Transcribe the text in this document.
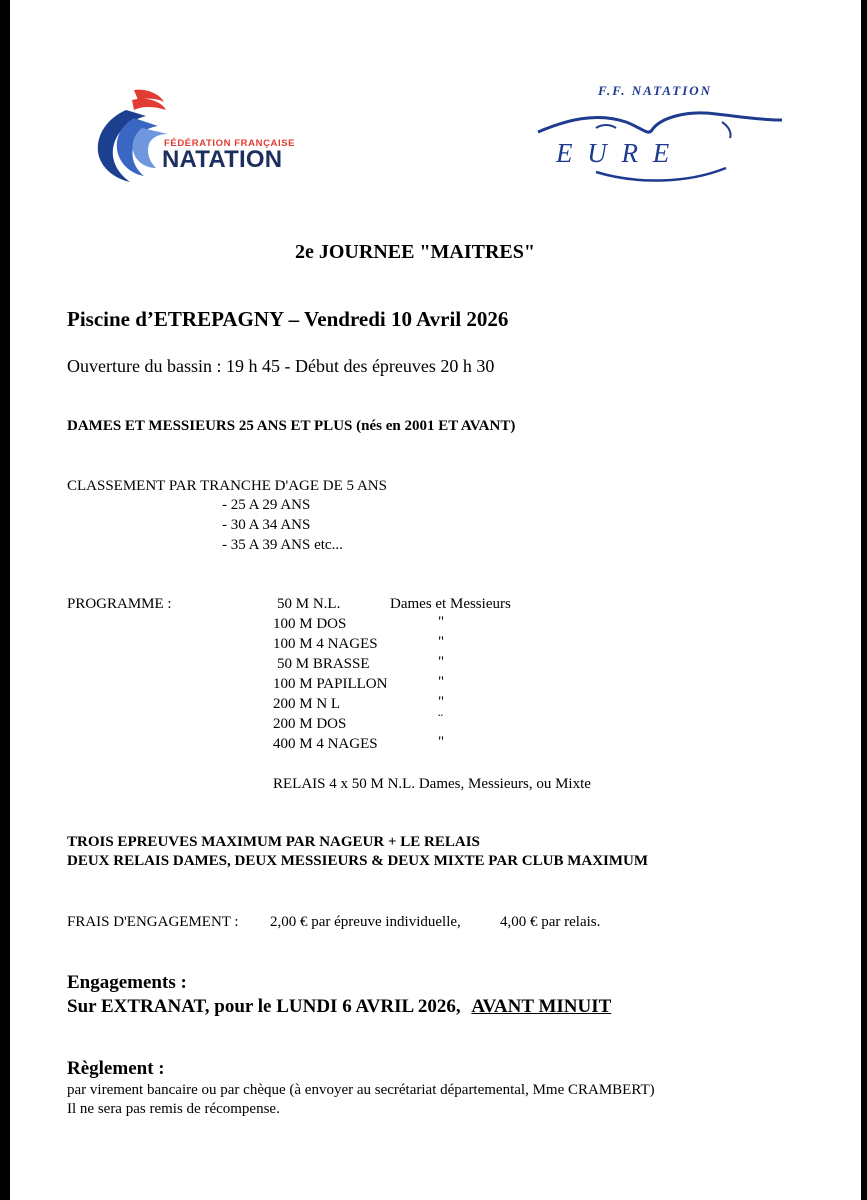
FÉDÉRATION FRANÇAISE
NATATION
F.F. NATATION
E U R E
2e JOURNEE "MAITRES"
Piscine d’ETREPAGNY – Vendredi 10 Avril 2026
Ouverture du bassin : 19 h 45 - Début des épreuves 20 h 30
DAMES ET MESSIEURS 25 ANS ET PLUS (nés en 2001 ET AVANT)
CLASSEMENT PAR TRANCHE D'AGE DE 5 ANS
- 25 A 29 ANS
- 30 A 34 ANS
- 35 A 39 ANS etc...
PROGRAMME :	50 M N.L.	Dames et Messieurs
100 M DOS	"
100 M 4 NAGES	"
50 M BRASSE	"
100 M PAPILLON	"
200 M N L	"
200 M DOS	¨
400 M 4 NAGES	"
RELAIS 4 x 50 M N.L. Dames, Messieurs, ou Mixte
TROIS EPREUVES MAXIMUM PAR NAGEUR + LE RELAIS
DEUX RELAIS DAMES, DEUX MESSIEURS & DEUX MIXTE PAR CLUB MAXIMUM
FRAIS D'ENGAGEMENT : 2,00 € par épreuve individuelle,	4,00 € par relais.
Engagements :
Sur EXTRANAT, pour le LUNDI 6 AVRIL 2026, AVANT MINUIT
Règlement :
par virement bancaire ou par chèque (à envoyer au secrétariat départemental, Mme CRAMBERT)
Il ne sera pas remis de récompense.
